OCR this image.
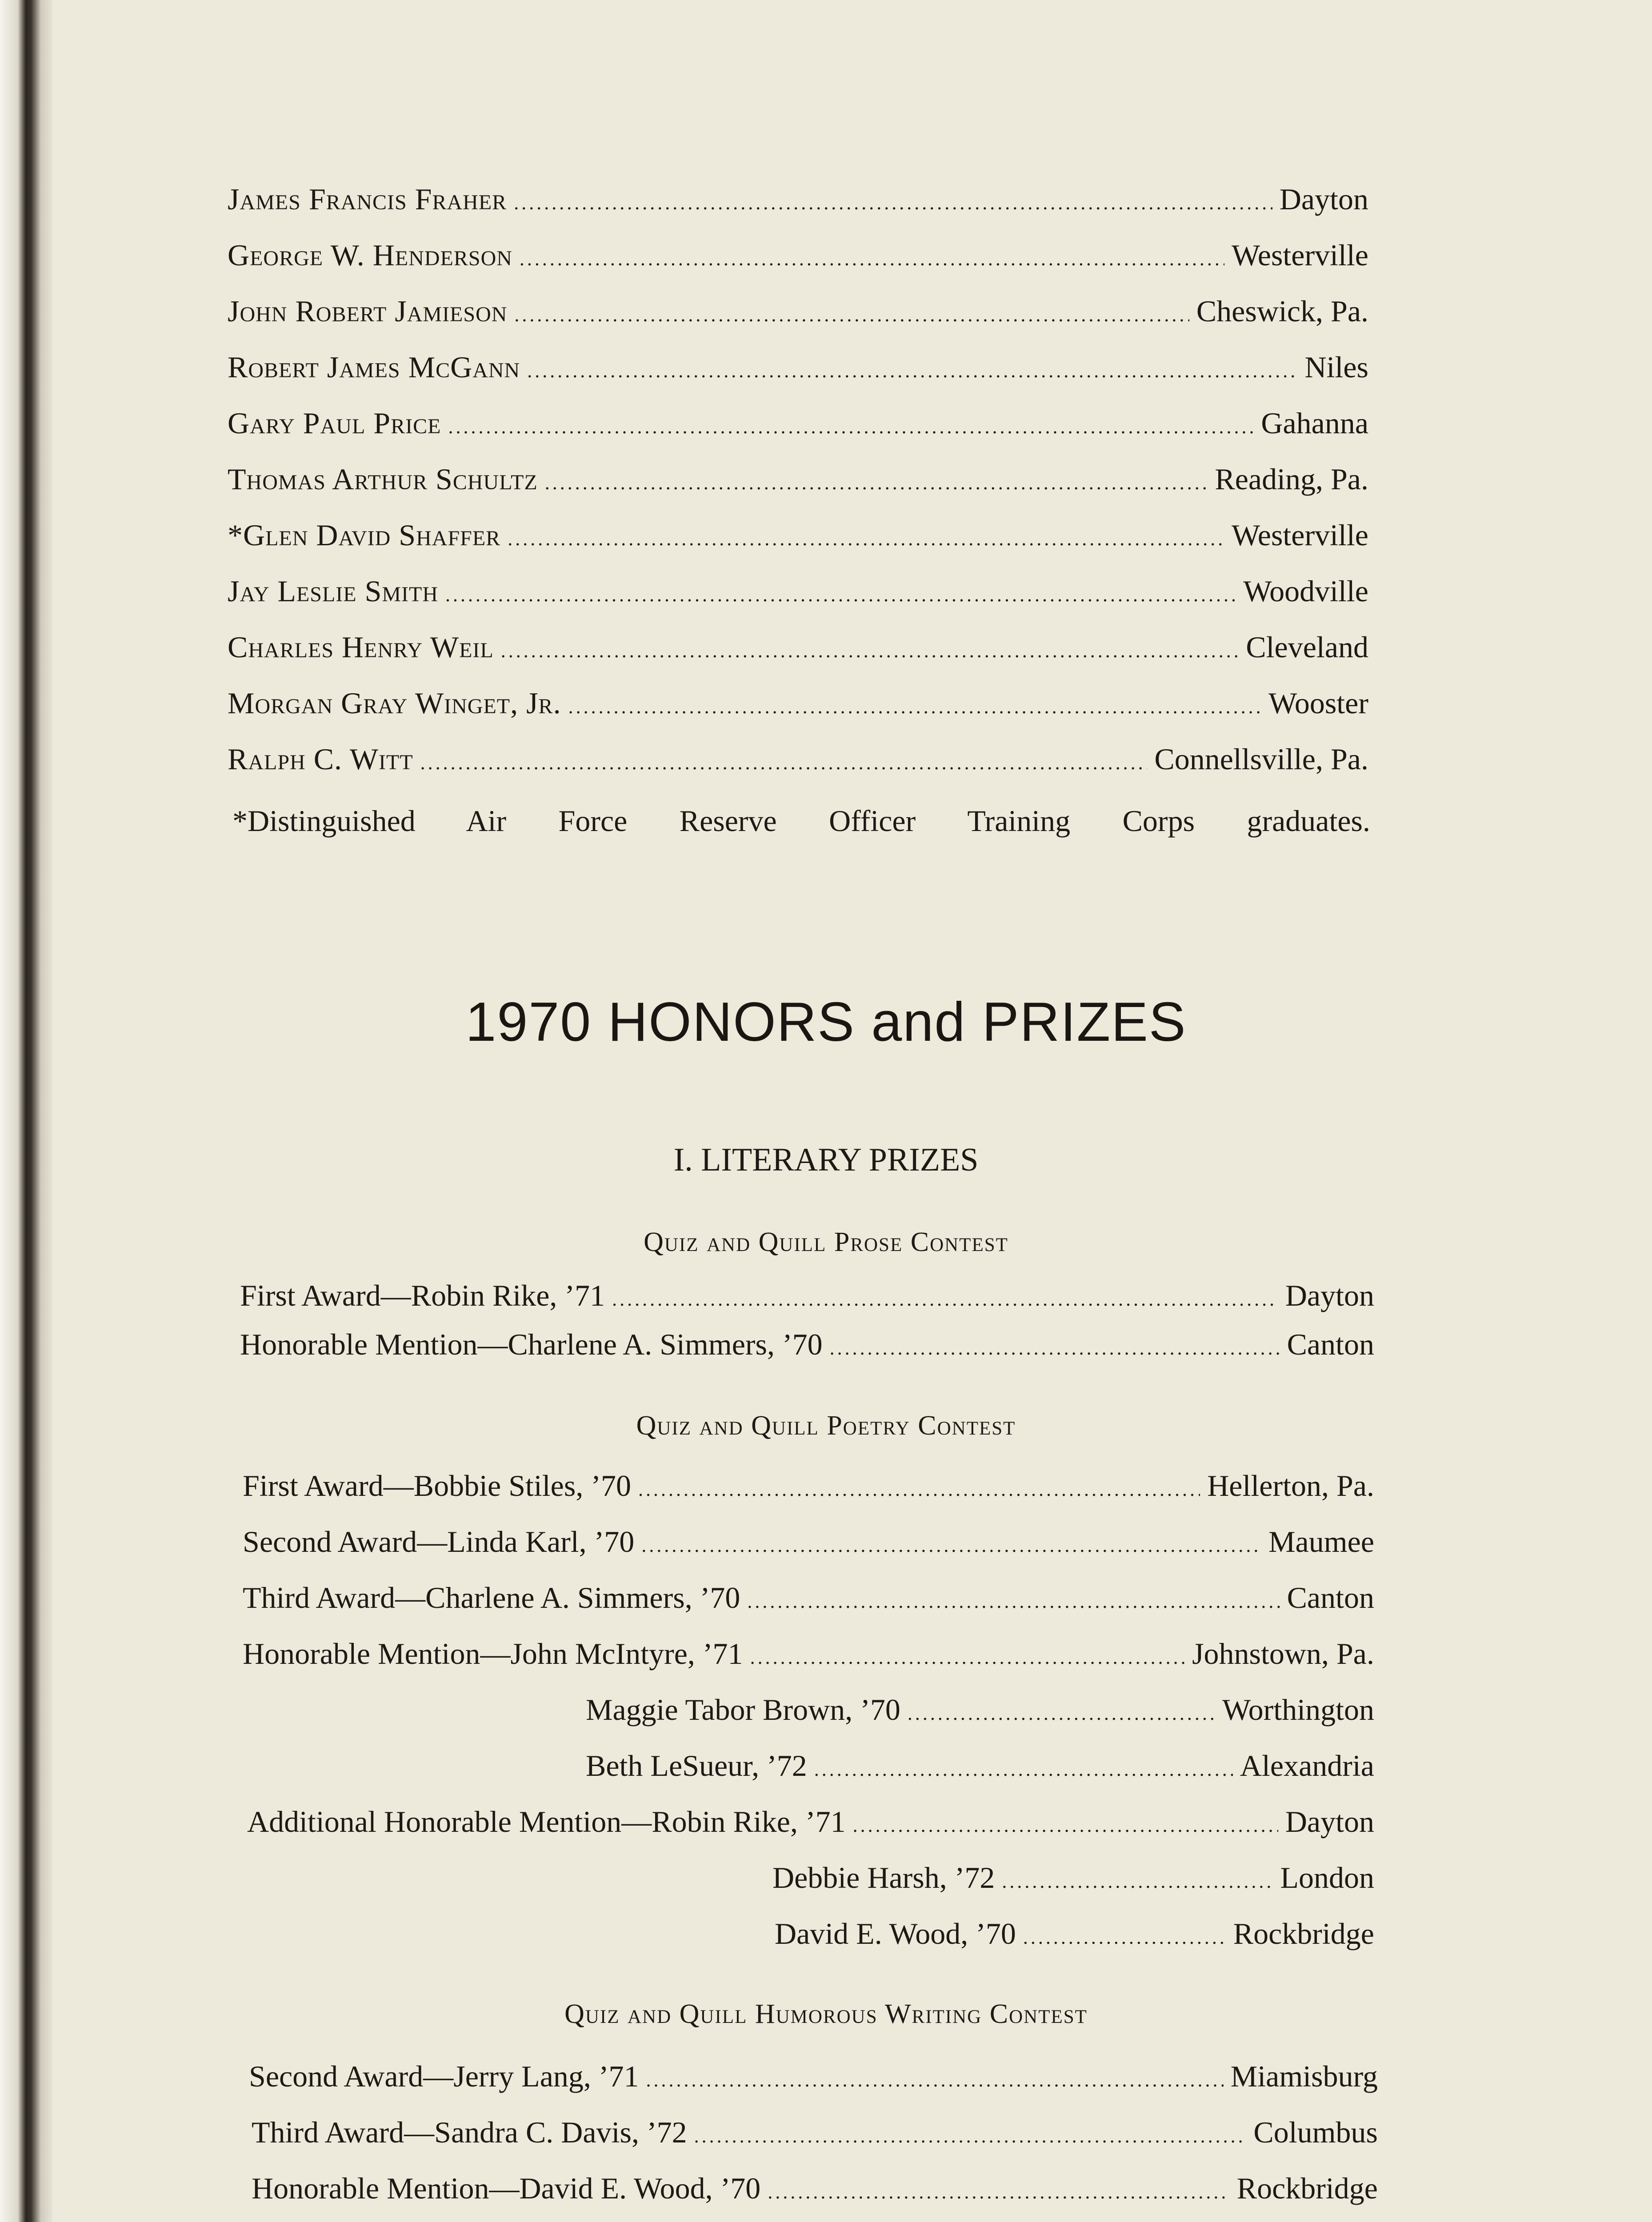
James Francis Fraher .....	Dayton
George W. Henderson .....	Westerville
John Robert Jamieson .....	Cheswick, Pa.
Robert James McGann .....	Niles
Gary Paul Price .....	Gahanna
Thomas Arthur Schultz .....	Reading, Pa.
*Glen David Shaffer .....	Westerville
Jay Leslie Smith .....	Woodville
Charles Henry Weil .....	Cleveland
Morgan Gray Winget, Jr. .....	Wooster
Ralph C. Witt .....	Connellsville, Pa.
*Distinguished Air Force Reserve Officer Training Corps graduates.
1970 HONORS and PRIZES
I. LITERARY PRIZES
Quiz and Quill Prose Contest
First Award—Robin Rike, ’71 .....	Dayton
Honorable Mention—Charlene A. Simmers, ’70 .....	Canton
Quiz and Quill Poetry Contest
First Award—Bobbie Stiles, ’70 .....	Hellerton, Pa.
Second Award—Linda Karl, ’70 .....	Maumee
Third Award—Charlene A. Simmers, ’70 .....	Canton
Honorable Mention—John McIntyre, ’71 .....	Johnstown, Pa.
Maggie Tabor Brown, ’70 .....	Worthington
Beth LeSueur, ’72 .....	Alexandria
Additional Honorable Mention—Robin Rike, ’71 .....	Dayton
Debbie Harsh, ’72 .....	London
David E. Wood, ’70 .....	Rockbridge
Quiz and Quill Humorous Writing Contest
Second Award—Jerry Lang, ’71 .....	Miamisburg
Third Award—Sandra C. Davis, ’72 .....	Columbus
Honorable Mention—David E. Wood, ’70 .....	Rockbridge
